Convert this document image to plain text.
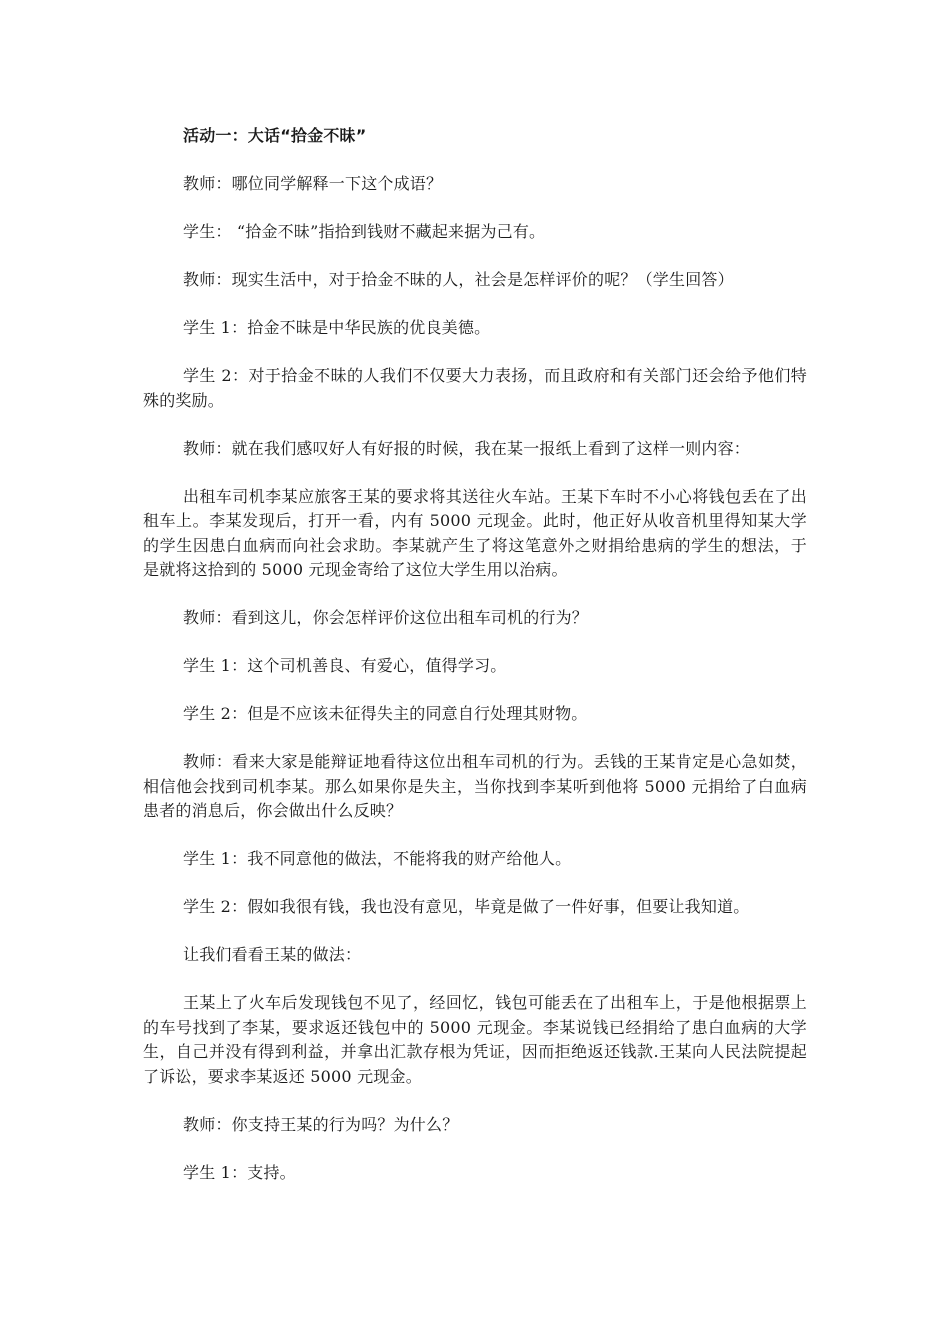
活动一：大话“拾金不昧”

教师：哪位同学解释一下这个成语？

学生： “拾金不昧”指拾到钱财不藏起来据为己有。

教师：现实生活中，对于拾金不昧的人，社会是怎样评价的呢？（学生回答）

学生 1：拾金不昧是中华民族的优良美德。

学生 2：对于拾金不昧的人我们不仅要大力表扬，而且政府和有关部门还会给予他们特殊的奖励。

教师：就在我们感叹好人有好报的时候，我在某一报纸上看到了这样一则内容：

出租车司机李某应旅客王某的要求将其送往火车站。王某下车时不小心将钱包丢在了出租车上。李某发现后，打开一看，内有 5000 元现金。此时，他正好从收音机里得知某大学的学生因患白血病而向社会求助。李某就产生了将这笔意外之财捐给患病的学生的想法，于是就将这拾到的 5000 元现金寄给了这位大学生用以治病。

教师：看到这儿，你会怎样评价这位出租车司机的行为？

学生 1：这个司机善良、有爱心，值得学习。

学生 2：但是不应该未征得失主的同意自行处理其财物。

教师：看来大家是能辩证地看待这位出租车司机的行为。丢钱的王某肯定是心急如焚，相信他会找到司机李某。那么如果你是失主，当你找到李某听到他将 5000 元捐给了白血病患者的消息后，你会做出什么反映？

学生 1：我不同意他的做法，不能将我的财产给他人。

学生 2：假如我很有钱，我也没有意见，毕竟是做了一件好事，但要让我知道。

让我们看看王某的做法：

王某上了火车后发现钱包不见了，经回忆，钱包可能丢在了出租车上，于是他根据票上的车号找到了李某，要求返还钱包中的 5000 元现金。李某说钱已经捐给了患白血病的大学生，自己并没有得到利益，并拿出汇款存根为凭证，因而拒绝返还钱款.王某向人民法院提起了诉讼，要求李某返还 5000 元现金。

教师：你支持王某的行为吗？为什么？

学生 1：支持。
